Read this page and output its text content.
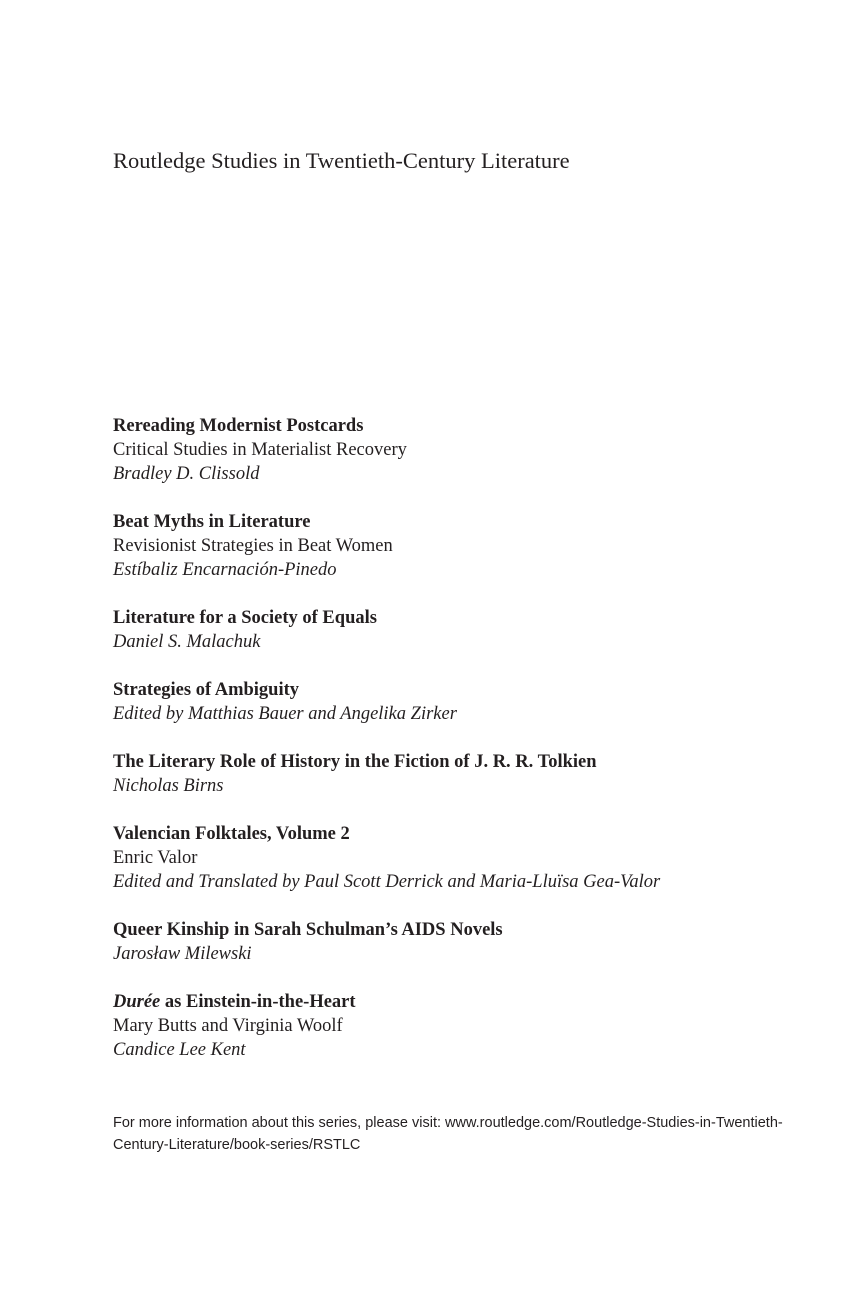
Routledge Studies in Twentieth-Century Literature
Rereading Modernist Postcards
Critical Studies in Materialist Recovery
Bradley D. Clissold
Beat Myths in Literature
Revisionist Strategies in Beat Women
Estíbaliz Encarnación-Pinedo
Literature for a Society of Equals
Daniel S. Malachuk
Strategies of Ambiguity
Edited by Matthias Bauer and Angelika Zirker
The Literary Role of History in the Fiction of J. R. R. Tolkien
Nicholas Birns
Valencian Folktales, Volume 2
Enric Valor
Edited and Translated by Paul Scott Derrick and Maria-Lluïsa Gea-Valor
Queer Kinship in Sarah Schulman’s AIDS Novels
Jarosław Milewski
Durée as Einstein-in-the-Heart
Mary Butts and Virginia Woolf
Candice Lee Kent

For more information about this series, please visit: www.routledge.com/Routledge-Studies-in-Twentieth-Century-Literature/book-series/RSTLC
